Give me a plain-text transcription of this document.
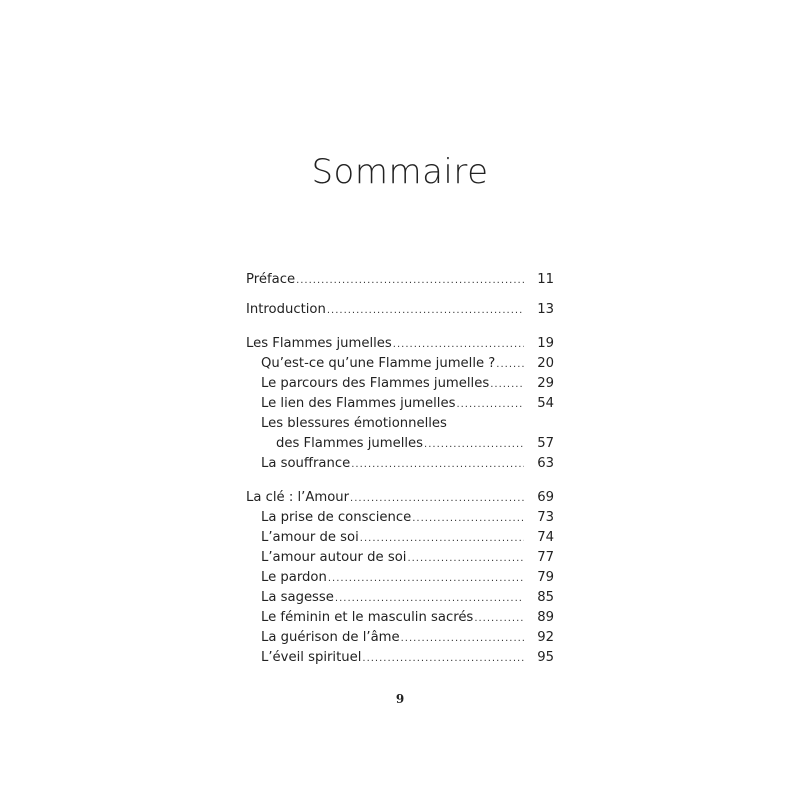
Sommaire
Préface .....	11
Introduction .....	13
Les Flammes jumelles .....	19
Qu’est-ce qu’une Flamme jumelle ? .....	20
Le parcours des Flammes jumelles .....	29
Le lien des Flammes jumelles .....	54
Les blessures émotionnelles
des Flammes jumelles .....	57
La souffrance .....	63
La clé : l’Amour .....	69
La prise de conscience .....	73
L’amour de soi .....	74
L’amour autour de soi .....	77
Le pardon .....	79
La sagesse .....	85
Le féminin et le masculin sacrés .....	89
La guérison de l’âme .....	92
L’éveil spirituel .....	95
9
